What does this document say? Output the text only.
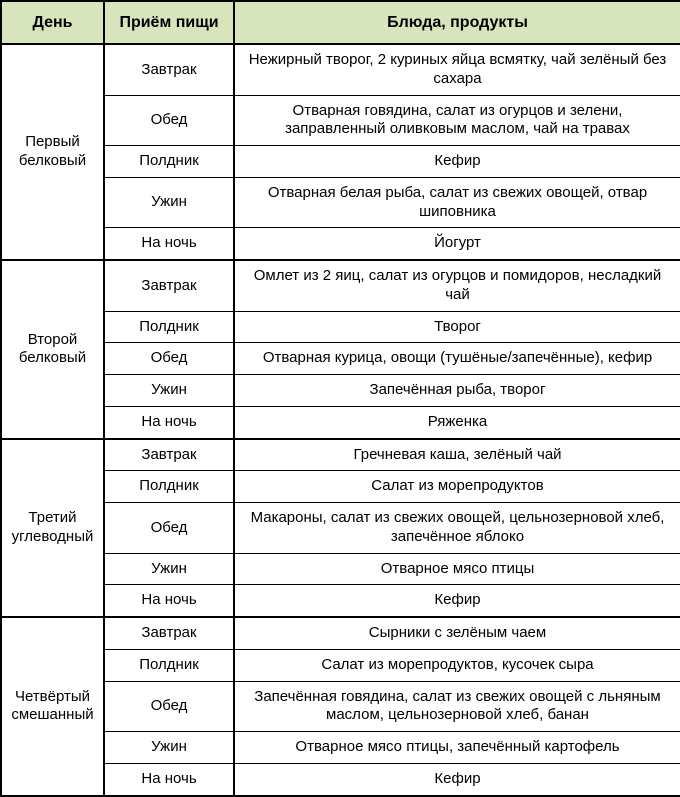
День	Приём пищи	Блюда, продукты
Первый белковый	Завтрак	Нежирный творог, 2 куриных яйца всмятку, чай зелёный без сахара
	Обед	Отварная говядина, салат из огурцов и зелени, заправленный оливковым маслом, чай на травах
	Полдник	Кефир
	Ужин	Отварная белая рыба, салат из свежих овощей, отвар шиповника
	На ночь	Йогурт
Второй белковый	Завтрак	Омлет из 2 яиц, салат из огурцов и помидоров, несладкий чай
	Полдник	Творог
	Обед	Отварная курица, овощи (тушёные/запечённые), кефир
	Ужин	Запечённая рыба, творог
	На ночь	Ряженка
Третий углеводный	Завтрак	Гречневая каша, зелёный чай
	Полдник	Салат из морепродуктов
	Обед	Макароны, салат из свежих овощей, цельнозерновой хлеб, запечённое яблоко
	Ужин	Отварное мясо птицы
	На ночь	Кефир
Четвёртый смешанный	Завтрак	Сырники с зелёным чаем
	Полдник	Салат из морепродуктов, кусочек сыра
	Обед	Запечённая говядина, салат из свежих овощей с льняным маслом, цельнозерновой хлеб, банан
	Ужин	Отварное мясо птицы, запечённый картофель
	На ночь	Кефир
